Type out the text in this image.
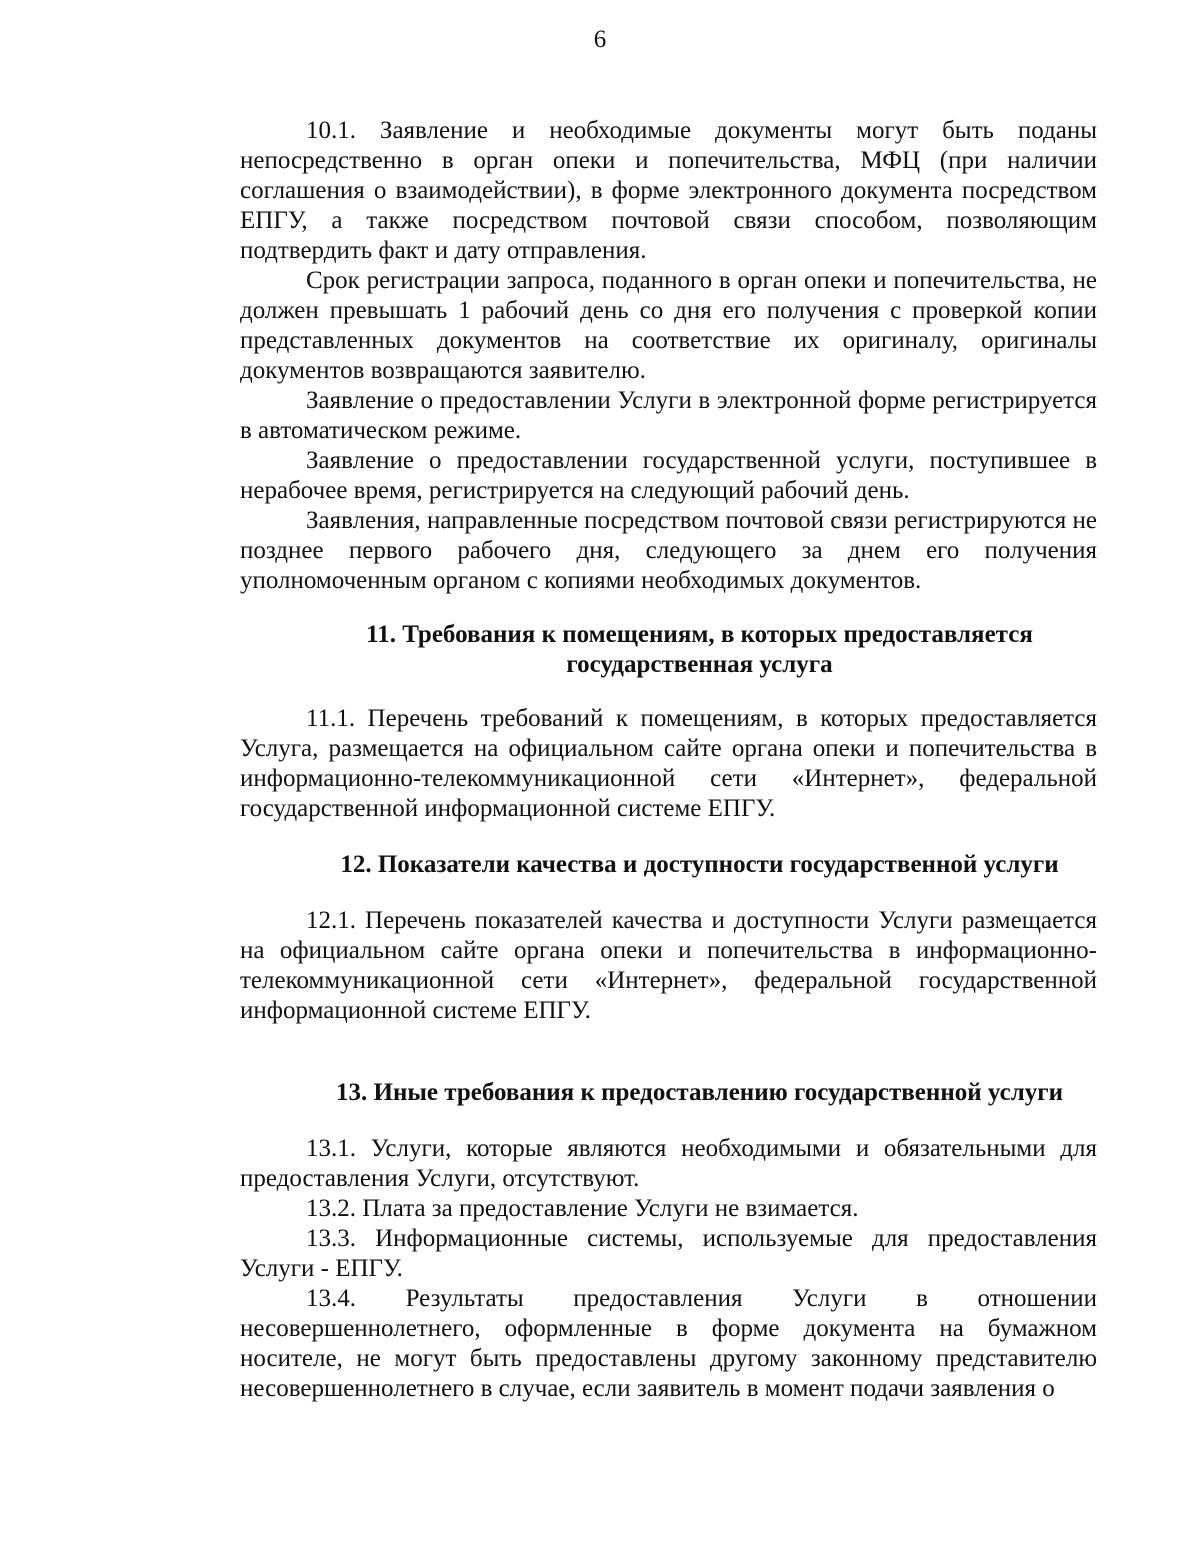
6

10.1. Заявление и необходимые документы могут быть поданы непосредственно в орган опеки и попечительства, МФЦ (при наличии соглашения о взаимодействии), в форме электронного документа посредством ЕПГУ, а также посредством почтовой связи способом, позволяющим подтвердить факт и дату отправления.

Срок регистрации запроса, поданного в орган опеки и попечительства, не должен превышать 1 рабочий день со дня его получения с проверкой копии представленных документов на соответствие их оригиналу, оригиналы документов возвращаются заявителю.

Заявление о предоставлении Услуги в электронной форме регистрируется в автоматическом режиме.

Заявление о предоставлении государственной услуги, поступившее в нерабочее время, регистрируется на следующий рабочий день.

Заявления, направленные посредством почтовой связи регистрируются не позднее первого рабочего дня, следующего за днем его получения уполномоченным органом с копиями необходимых документов.

11. Требования к помещениям, в которых предоставляется
государственная услуга

11.1. Перечень требований к помещениям, в которых предоставляется Услуга, размещается на официальном сайте органа опеки и попечительства в информационно-телекоммуникационной сети «Интернет», федеральной государственной информационной системе ЕПГУ.

12. Показатели качества и доступности государственной услуги

12.1. Перечень показателей качества и доступности Услуги размещается на официальном сайте органа опеки и попечительства в информационно-телекоммуникационной сети «Интернет», федеральной государственной информационной системе ЕПГУ.

13. Иные требования к предоставлению государственной услуги

13.1. Услуги, которые являются необходимыми и обязательными для предоставления Услуги, отсутствуют.

13.2. Плата за предоставление Услуги не взимается.

13.3. Информационные системы, используемые для предоставления Услуги - ЕПГУ.

13.4. Результаты предоставления Услуги в отношении несовершеннолетнего, оформленные в форме документа на бумажном носителе, не могут быть предоставлены другому законному представителю несовершеннолетнего в случае, если заявитель в момент подачи заявления о
